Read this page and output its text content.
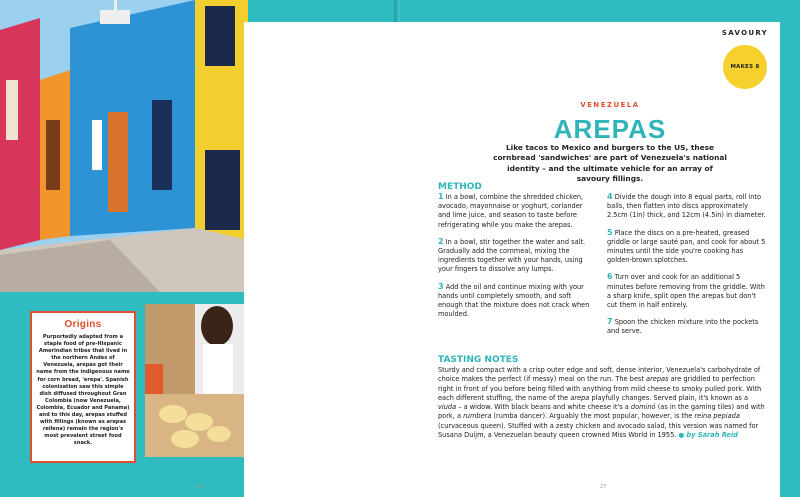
Origins

Purportedly adapted from a staple food of pre-Hispanic Amerindian tribes that lived in the northern Andes of Venezuela, arepas got their name from the indigenous name for corn bread, 'erepa'. Spanish colonisation saw this simple dish diffused throughout Gran Colombia (now Venezuela, Colombia, Ecuador and Panama) and to this day, arepas stuffed with fillings (known as arepas rellena) remain the region's most prevalent street food snack.

26
SAVOURY
MAKES 8
VENEZUELA
AREPAS
Like tacos to Mexico and burgers to the US, these cornbread 'sandwiches' are part of Venezuela's national identity – and the ultimate vehicle for an array of savoury fillings.
METHOD

1 In a bowl, combine the shredded chicken, avocado, mayonnaise or yoghurt, coriander and lime juice, and season to taste before refrigerating while you make the arepas.

2 In a bowl, stir together the water and salt. Gradually add the cornmeal, mixing the ingredients together with your hands, using your fingers to dissolve any lumps.

3 Add the oil and continue mixing with your hands until completely smooth, and soft enough that the mixture does not crack when moulded.

4 Divide the dough into 8 equal parts, roll into balls, then flatten into discs approximately 2.5cm (1in) thick, and 12cm (4.5in) in diameter.

5 Place the discs on a pre-heated, greased griddle or large sauté pan, and cook for about 5 minutes until the side you're cooking has golden-brown splotches.

6 Turn over and cook for an additional 5 minutes before removing from the griddle. With a sharp knife, split open the arepas but don't cut them in half entirely.

7 Spoon the chicken mixture into the pockets and serve.

TASTING NOTES
Sturdy and compact with a crisp outer edge and soft, dense interior, Venezuela's carbohydrate of choice makes the perfect (if messy) meal on the run. The best arepas are griddled to perfection right in front of you before being filled with anything from mild cheese to smoky pulled pork. With each different stuffing, the name of the arepa playfully changes. Served plain, it's known as a viuda – a widow. With black beans and white cheese it's a dominó (as in the gaming tiles) and with pork, a rumbera (rumba dancer). Arguably the most popular, however, is the reina pepiada (curvaceous queen). Stuffed with a zesty chicken and avocado salad, this version was named for Susana Duijm, a Venezuelan beauty queen crowned Miss World in 1955. ● by Sarah Reid
27
